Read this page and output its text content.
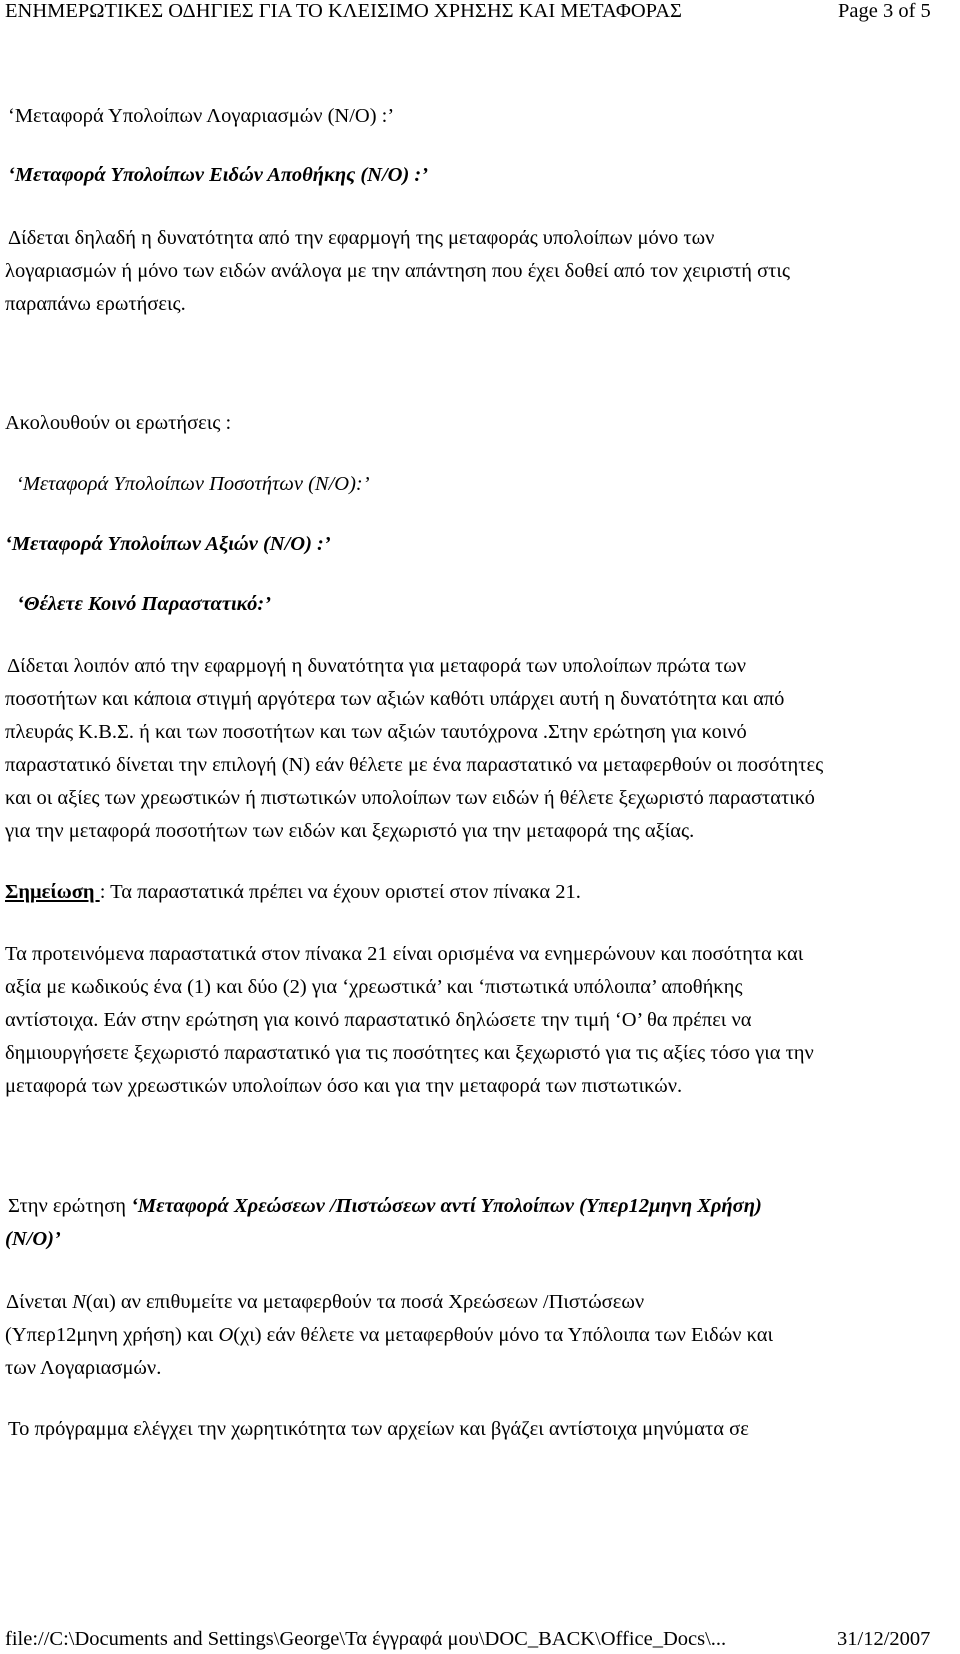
ΕΝΗΜΕΡΩΤΙΚΕΣ ΟΔΗΓΙΕΣ ΓΙΑ ΤΟ ΚΛΕΙΣΙΜΟ ΧΡΗΣΗΣ ΚΑΙ ΜΕΤΑΦΟΡΑΣ	Page 3 of 5
‘Μεταφορά Υπολοίπων Λογαριασμών (Ν/Ο) :’
‘Μεταφορά Υπολοίπων Ειδών Αποθήκης (Ν/Ο) :’
Δίδεται δηλαδή η δυνατότητα από την εφαρμογή της μεταφοράς υπολοίπων μόνο των
λογαριασμών ή μόνο των ειδών ανάλογα με την απάντηση που έχει δοθεί από τον χειριστή στις
παραπάνω ερωτήσεις.
Ακολουθούν οι ερωτήσεις :
‘Μεταφορά Υπολοίπων Ποσοτήτων (Ν/Ο):’
‘Μεταφορά Υπολοίπων Αξιών (Ν/Ο) :’
‘Θέλετε Κοινό Παραστατικό:’
Δίδεται λοιπόν από την εφαρμογή η δυνατότητα για μεταφορά των υπολοίπων πρώτα των
ποσοτήτων και κάποια στιγμή αργότερα των αξιών καθότι υπάρχει αυτή η δυνατότητα και από
πλευράς Κ.Β.Σ. ή και των ποσοτήτων και των αξιών ταυτόχρονα .Στην ερώτηση για κοινό
παραστατικό δίνεται την επιλογή (Ν) εάν θέλετε με ένα παραστατικό να μεταφερθούν οι ποσότητες
και οι αξίες των χρεωστικών ή πιστωτικών υπολοίπων των ειδών ή θέλετε ξεχωριστό παραστατικό
για την μεταφορά ποσοτήτων των ειδών και ξεχωριστό για την μεταφορά της αξίας.
Σημείωση : Τα παραστατικά πρέπει να έχουν οριστεί στον πίνακα 21.
Τα προτεινόμενα παραστατικά στον πίνακα 21 είναι ορισμένα να ενημερώνουν και ποσότητα και
αξία με κωδικούς ένα (1) και δύο (2) για ‘χρεωστικά’ και ‘πιστωτικά υπόλοιπα’ αποθήκης
αντίστοιχα. Εάν στην ερώτηση για κοινό παραστατικό δηλώσετε την τιμή ‘Ο’ θα πρέπει να
δημιουργήσετε ξεχωριστό παραστατικό για τις ποσότητες και ξεχωριστό για τις αξίες τόσο για την
μεταφορά των χρεωστικών υπολοίπων όσο και για την μεταφορά των πιστωτικών.
Στην ερώτηση ‘Μεταφορά Χρεώσεων /Πιστώσεων αντί Υπολοίπων (Υπερ12μηνη Χρήση)
(Ν/Ο)’
Δίνεται Ν(αι) αν επιθυμείτε να μεταφερθούν τα ποσά Χρεώσεων /Πιστώσεων
(Υπερ12μηνη χρήση) και Ο(χι) εάν θέλετε να μεταφερθούν μόνο τα Υπόλοιπα των Ειδών και
των Λογαριασμών.
Το πρόγραμμα ελέγχει την χωρητικότητα των αρχείων και βγάζει αντίστοιχα μηνύματα σε
file://C:\Documents and Settings\George\Τα έγγραφά μου\DOC_BACK\Office_Docs\...	31/12/2007
